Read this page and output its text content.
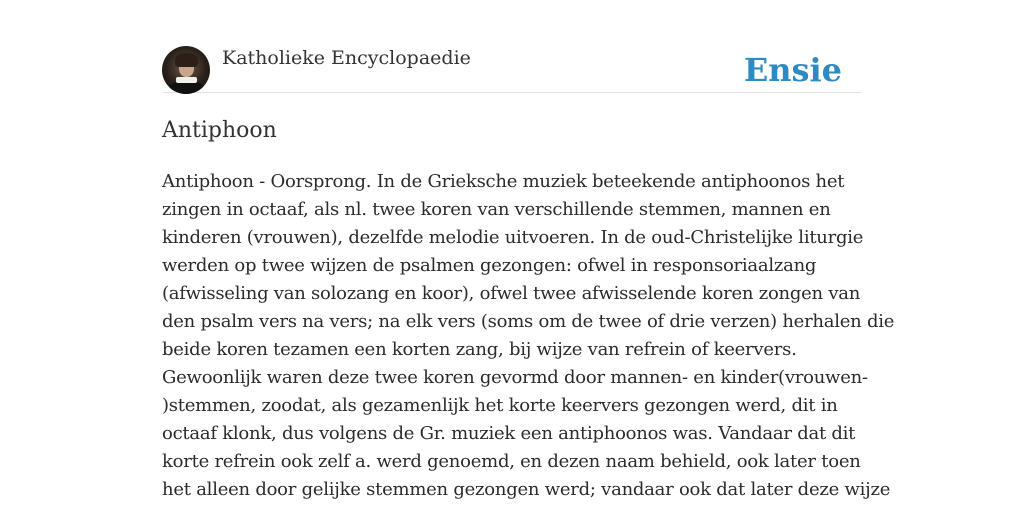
Katholieke Encyclopaedie	Ensie
Antiphoon
Antiphoon - Oorsprong. In de Grieksche muziek beteekende antiphoonos het
zingen in octaaf, als nl. twee koren van verschillende stemmen, mannen en
kinderen (vrouwen), dezelfde melodie uitvoeren. In de oud-Christelijke liturgie
werden op twee wijzen de psalmen gezongen: ofwel in responsoriaalzang
(afwisseling van solozang en koor), ofwel twee afwisselende koren zongen van
den psalm vers na vers; na elk vers (soms om de twee of drie verzen) herhalen die
beide koren tezamen een korten zang, bij wijze van refrein of keervers.
Gewoonlijk waren deze twee koren gevormd door mannen- en kinder(vrouwen-
)stemmen, zoodat, als gezamenlijk het korte keervers gezongen werd, dit in
octaaf klonk, dus volgens de Gr. muziek een antiphoonos was. Vandaar dat dit
korte refrein ook zelf a. werd genoemd, en dezen naam behield, ook later toen
het alleen door gelijke stemmen gezongen werd; vandaar ook dat later deze wijze
